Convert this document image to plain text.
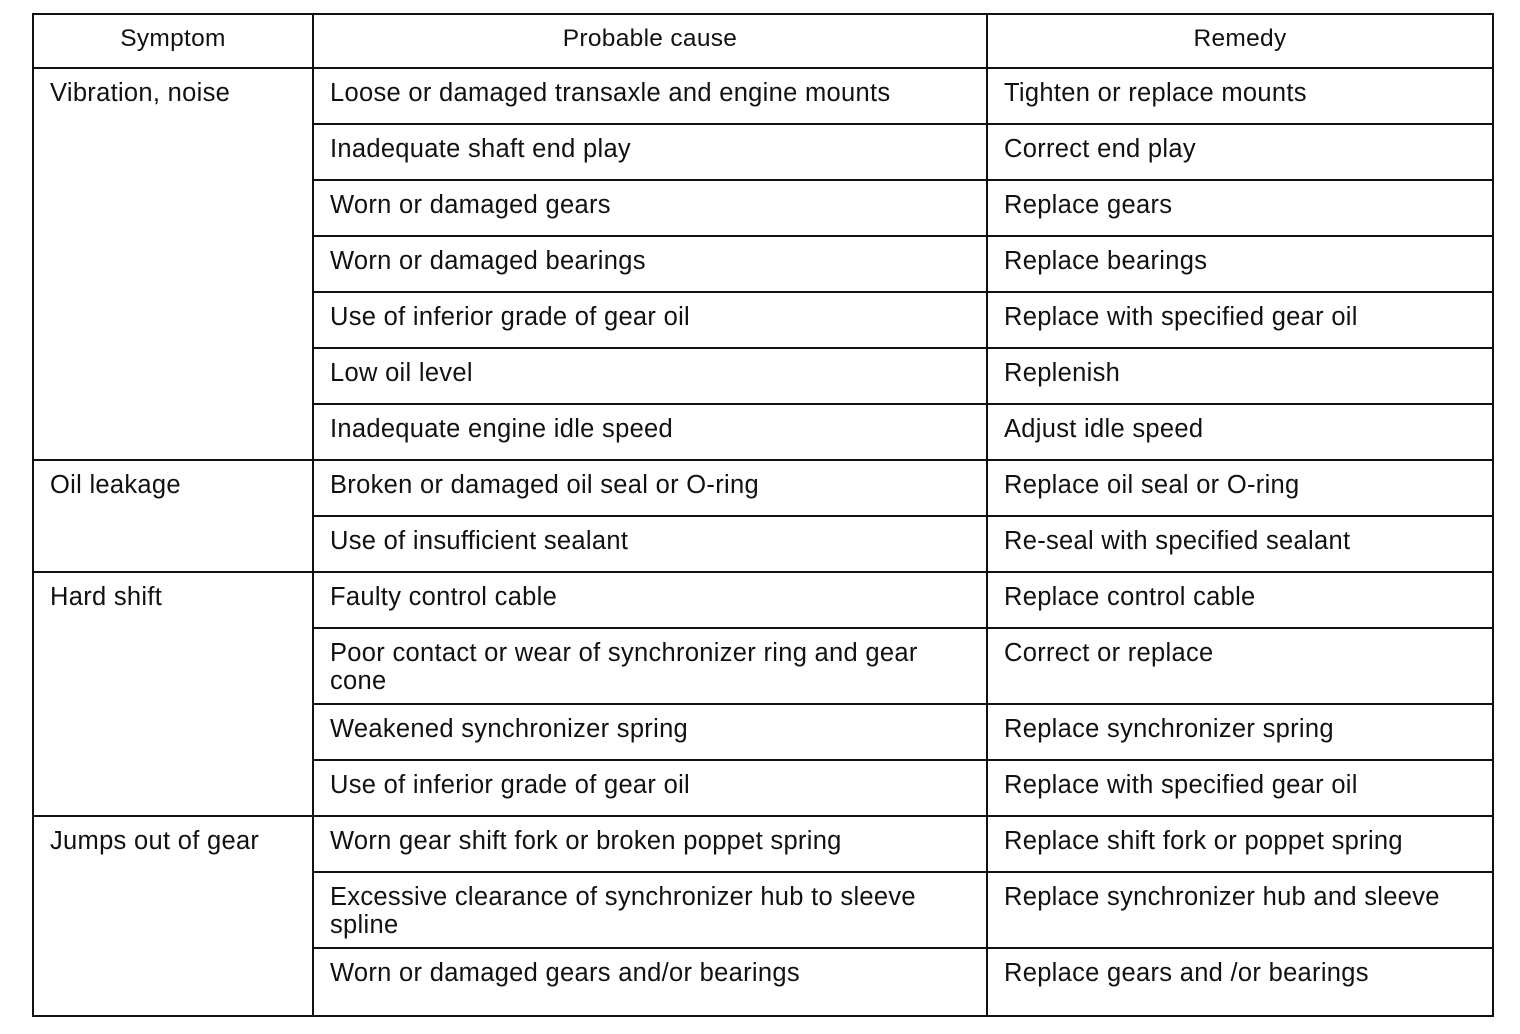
Symptom	Probable cause	Remedy
Vibration, noise	Loose or damaged transaxle and engine mounts	Tighten or replace mounts
	Inadequate shaft end play	Correct end play
	Worn or damaged gears	Replace gears
	Worn or damaged bearings	Replace bearings
	Use of inferior grade of gear oil	Replace with specified gear oil
	Low oil level	Replenish
	Inadequate engine idle speed	Adjust idle speed
Oil leakage	Broken or damaged oil seal or O-ring	Replace oil seal or O-ring
	Use of insufficient sealant	Re-seal with specified sealant
Hard shift	Faulty control cable	Replace control cable
	Poor contact or wear of synchronizer ring and gear cone	Correct or replace
	Weakened synchronizer spring	Replace synchronizer spring
	Use of inferior grade of gear oil	Replace with specified gear oil
Jumps out of gear	Worn gear shift fork or broken poppet spring	Replace shift fork or poppet spring
	Excessive clearance of synchronizer hub to sleeve spline	Replace synchronizer hub and sleeve
	Worn or damaged gears and/or bearings	Replace gears and /or bearings
